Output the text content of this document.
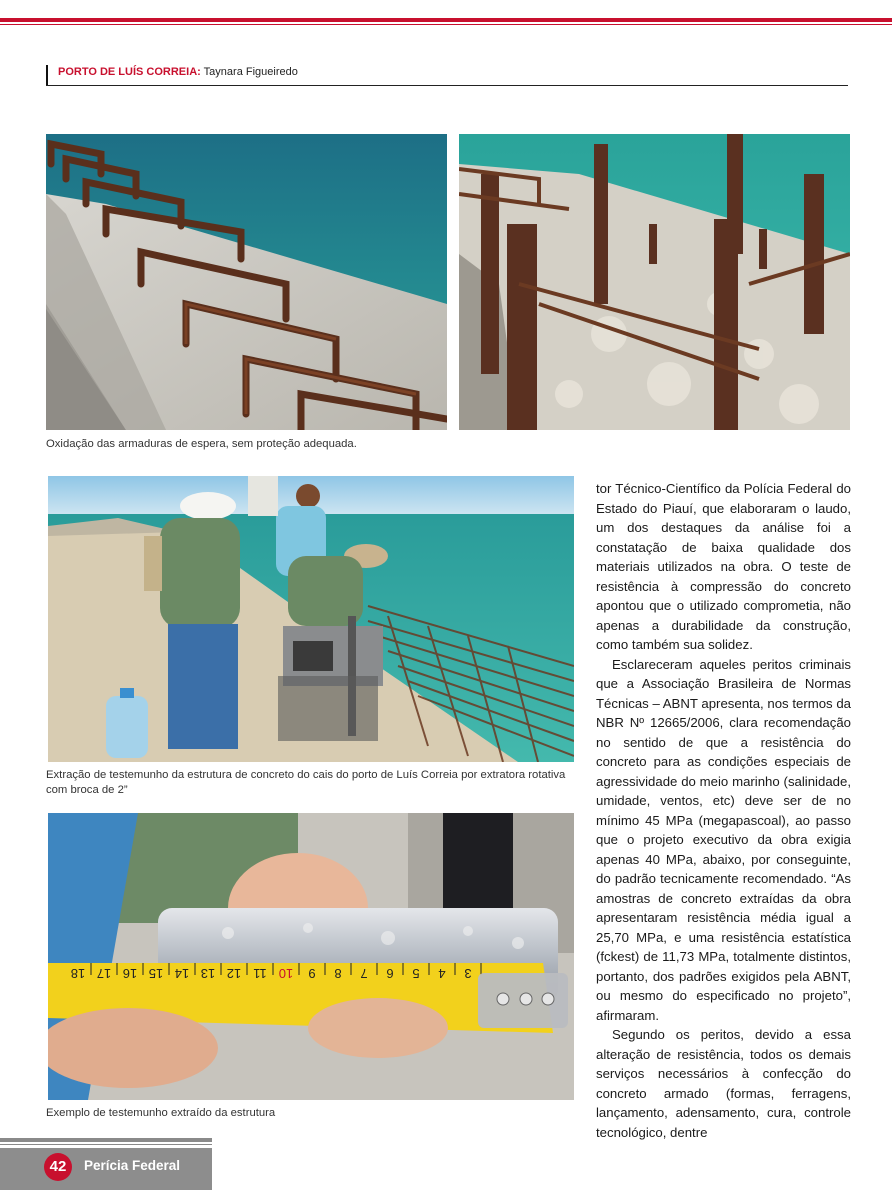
PORTO DE LUÍS CORREIA: Taynara Figueiredo
Oxidação das armaduras de espera, sem proteção adequada.
Extração de testemunho da estrutura de concreto do cais do porto de Luís Correia por extratora rotativa com broca de 2”
18 17 16 15 14 13 12 11 10 9 8 7 6 5 4 3
Exemplo de testemunho extraído da estrutura

tor Técnico-Científico da Polícia Federal do Estado do Piauí, que elaboraram o laudo, um dos destaques da análise foi a constatação de baixa qualidade dos materiais utilizados na obra. O teste de resistência à compressão do concreto apontou que o utilizado comprometia, não apenas a durabilidade da construção, como também sua solidez.

Esclareceram aqueles peritos criminais que a Associação Brasileira de Normas Técnicas – ABNT apresenta, nos termos da NBR Nº 12665/2006, clara recomendação no sentido de que a resistência do concreto para as condições especiais de agressividade do meio marinho (salinidade, umidade, ventos, etc) deve ser de no mínimo 45 MPa (megapascoal), ao passo que o projeto executivo da obra exigia apenas 40 MPa, abaixo, por conseguinte, do padrão tecnicamente recomendado. “As amostras de concreto extraídas da obra apresentaram resistência média igual a 25,70 MPa, e uma resistência estatística (fckest) de 11,73 MPa, totalmente distintos, portanto, dos padrões exigidos pela ABNT, ou mesmo do especificado no projeto”, afirmaram.

Segundo os peritos, devido a essa alteração de resistência, todos os demais serviços necessários à confecção do concreto armado (formas, ferragens, lançamento, adensamento, cura, controle tecnológico, dentre

42	Perícia Federal
